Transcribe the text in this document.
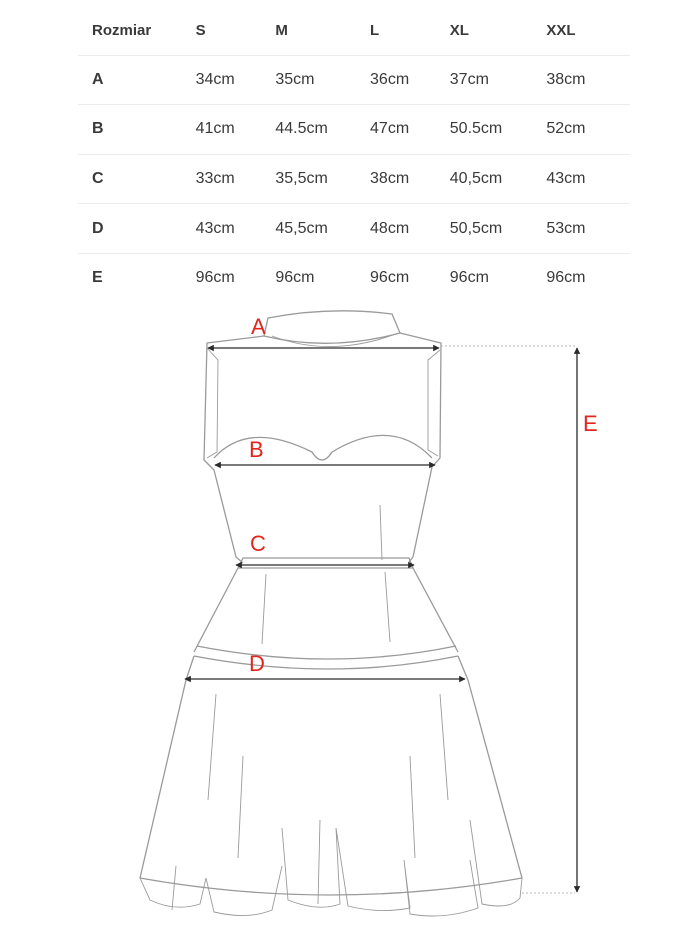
Rozmiar	S	M	L	XL	XXL
A	34cm	35cm	36cm	37cm	38cm
B	41cm	44.5cm	47cm	50.5cm	52cm
C	33cm	35,5cm	38cm	40,5cm	43cm
D	43cm	45,5cm	48cm	50,5cm	53cm
E	96cm	96cm	96cm	96cm	96cm
A
B
C
D
E
